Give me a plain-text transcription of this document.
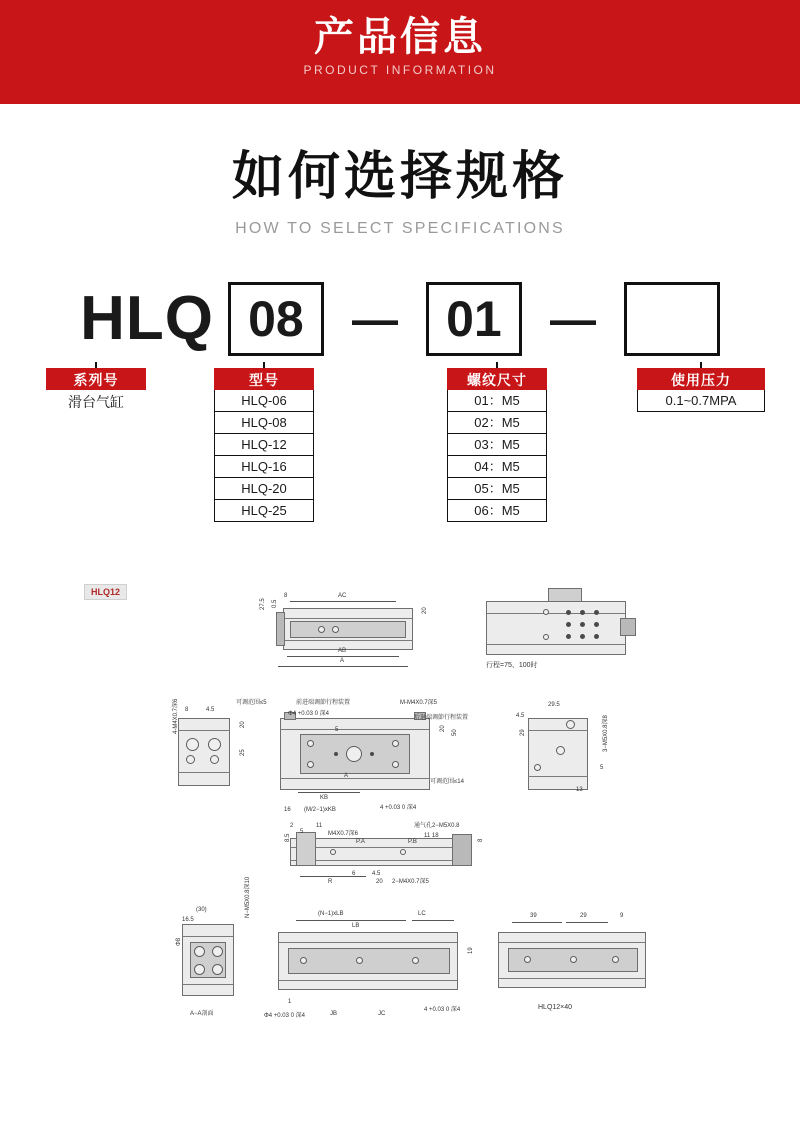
产品信息
PRODUCT INFORMATION
如何选择规格
HOW TO SELECT SPECIFICATIONS
HLQ 08	— 01	—
系列号
滑台气缸
型号
HLQ-06
HLQ-08
HLQ-12
HLQ-16
HLQ-20
HLQ-25
螺纹尺寸
01：M5
02：M5
03：M5
04：M5
05：M5
06：M5
使用压力
0.1~0.7MPA
HLQ12	AC
AB
A
8
0.5
27.5
20
行程=75、100时
8	4.5
20
25
4-M4X0.7深6	可调范围≤5	前进端调節行程装置
后退端调節行程装置
M-M4X0.7深5
Φ4 +0.03 0 深4
5
A
KB
16 (M/2−1)xKB	4 +0.03 0 深4
20
50
可调范围≤14
29.5
4.5
29
5
13
3−M5X0.8深8
2
5
11
M4X0.7深6
通气孔2−M5X0.8
P.A	P.B
11 18
8.5	8
R
6	4.5
20 2−M4X0.7深5
(30)
16.5
Φ8
N−M5X0.8深10
A−A剖面
(N−1)xLB	LC
LB
JB	JC
Φ4 +0.03 0 深4
1
19
4 +0.03 0 深4
39	29	9
HLQ12×40
